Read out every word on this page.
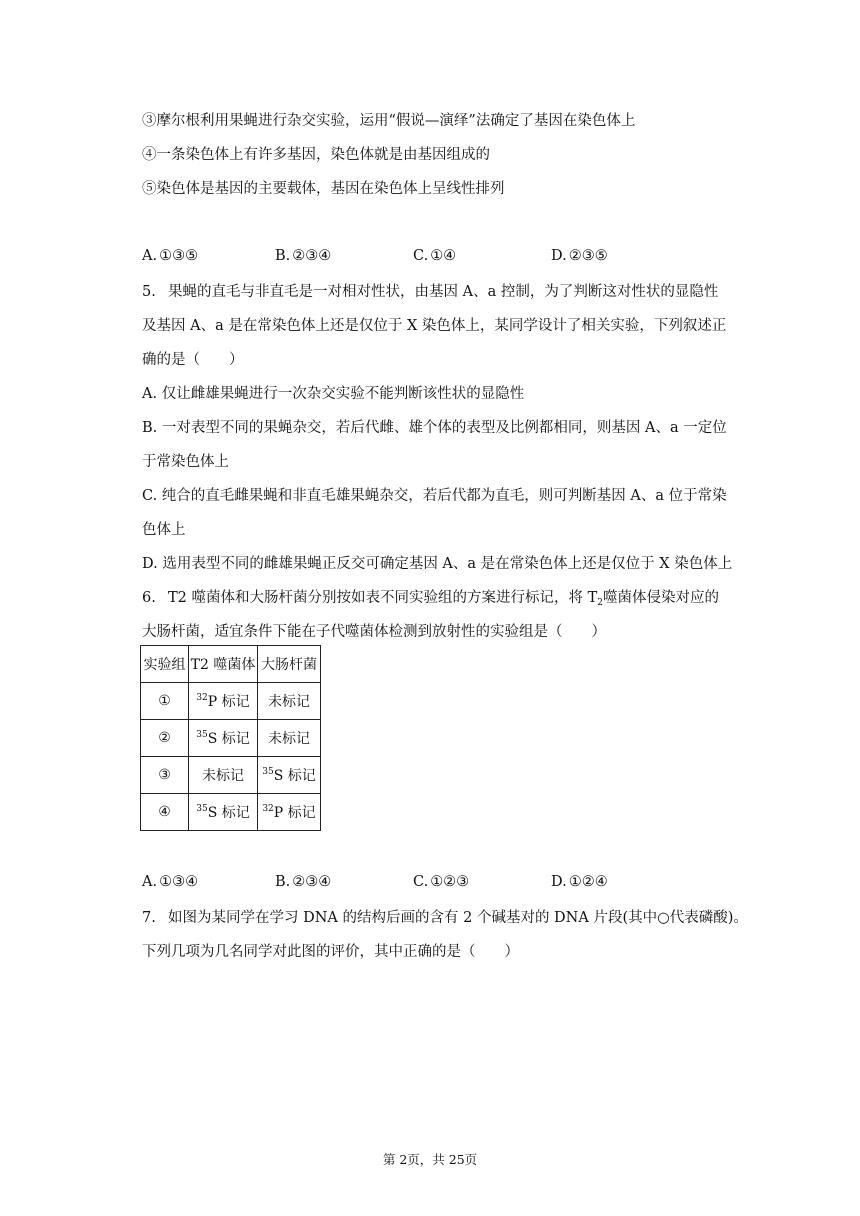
③摩尔根利用果蝇进行杂交实验，运用“假说—演绎”法确定了基因在染色体上
④一条染色体上有许多基因，染色体就是由基因组成的
⑤染色体是基因的主要载体，基因在染色体上呈线性排列
A. ①③⑤	B. ②③④	C. ①④	D. ②③⑤
5. 果蝇的直毛与非直毛是一对相对性状，由基因 A、a 控制，为了判断这对性状的显隐性
及基因 A、a 是在常染色体上还是仅位于 X 染色体上，某同学设计了相关实验，下列叙述正
确的是（　　）
A. 仅让雌雄果蝇进行一次杂交实验不能判断该性状的显隐性
B. 一对表型不同的果蝇杂交，若后代雌、雄个体的表型及比例都相同，则基因 A、a 一定位
于常染色体上
C. 纯合的直毛雌果蝇和非直毛雄果蝇杂交，若后代都为直毛，则可判断基因 A、a 位于常染
色体上
D. 选用表型不同的雌雄果蝇正反交可确定基因 A、a 是在常染色体上还是仅位于 X 染色体上
6. T2 噬菌体和大肠杆菌分别按如表不同实验组的方案进行标记，将 $T_2$噬菌体侵染对应的
大肠杆菌，适宜条件下能在子代噬菌体检测到放射性的实验组是（　　）
实验组	T2 噬菌体	大肠杆菌
①	$^{32}$P 标记	未标记
②	$^{35}$S 标记	未标记
③	未标记	$^{35}$S 标记
④	$^{35}$S 标记	$^{32}$P 标记
A. ①③④	B. ②③④	C. ①②③	D. ①②④
7. 如图为某同学在学习 DNA 的结构后画的含有 2 个碱基对的 DNA 片段(其中○代表磷酸)。
下列几项为几名同学对此图的评价，其中正确的是（　　）
第 2页，共 25页
